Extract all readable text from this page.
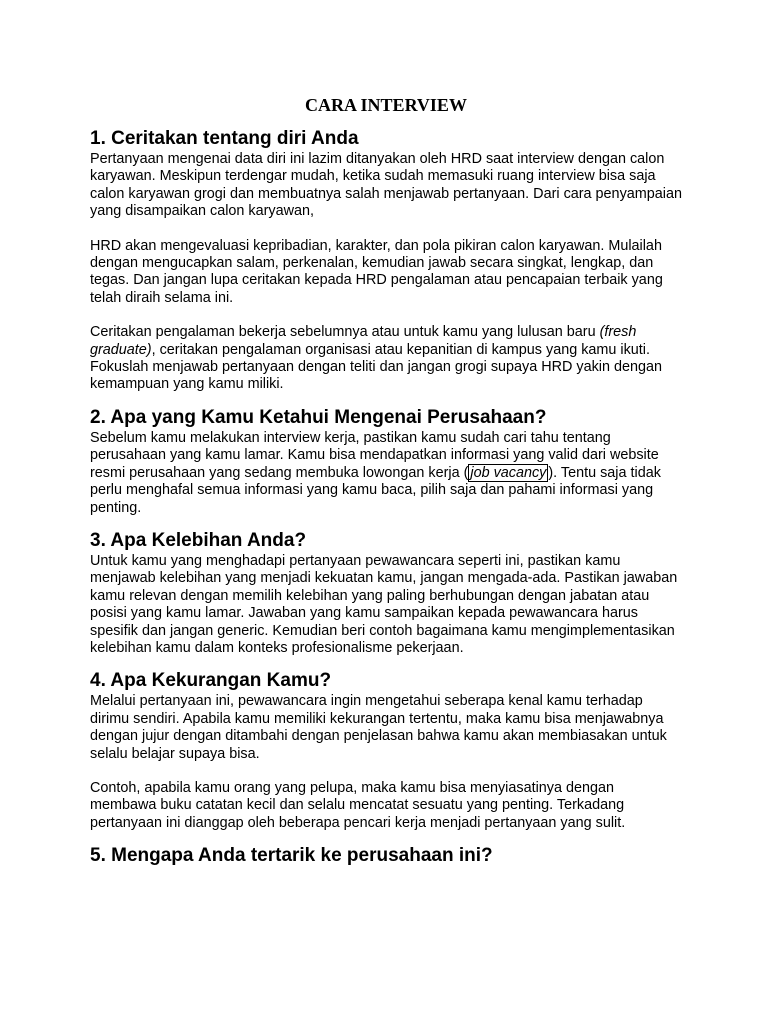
CARA INTERVIEW
1. Ceritakan tentang diri Anda

Pertanyaan mengenai data diri ini lazim ditanyakan oleh HRD saat interview dengan calon karyawan. Meskipun terdengar mudah, ketika sudah memasuki ruang interview bisa saja calon karyawan grogi dan membuatnya salah menjawab pertanyaan. Dari cara penyampaian yang disampaikan calon karyawan,

HRD akan mengevaluasi kepribadian, karakter, dan pola pikiran calon karyawan. Mulailah dengan mengucapkan salam, perkenalan, kemudian jawab secara singkat, lengkap, dan tegas. Dan jangan lupa ceritakan kepada HRD pengalaman atau pencapaian terbaik yang telah diraih selama ini.

Ceritakan pengalaman bekerja sebelumnya atau untuk kamu yang lulusan baru (fresh graduate), ceritakan pengalaman organisasi atau kepanitian di kampus yang kamu ikuti. Fokuslah menjawab pertanyaan dengan teliti dan jangan grogi supaya HRD yakin dengan kemampuan yang kamu miliki.

2. Apa yang Kamu Ketahui Mengenai Perusahaan?

Sebelum kamu melakukan interview kerja, pastikan kamu sudah cari tahu tentang perusahaan yang kamu lamar. Kamu bisa mendapatkan informasi yang valid dari website resmi perusahaan yang sedang membuka lowongan kerja ( job vacancy ). Tentu saja tidak perlu menghafal semua informasi yang kamu baca, pilih saja dan pahami informasi yang penting.

3. Apa Kelebihan Anda?

Untuk kamu yang menghadapi pertanyaan pewawancara seperti ini, pastikan kamu menjawab kelebihan yang menjadi kekuatan kamu, jangan mengada-ada. Pastikan jawaban kamu relevan dengan memilih kelebihan yang paling berhubungan dengan jabatan atau posisi yang kamu lamar. Jawaban yang kamu sampaikan kepada pewawancara harus spesifik dan jangan generic. Kemudian beri contoh bagaimana kamu mengimplementasikan kelebihan kamu dalam konteks profesionalisme pekerjaan.

4. Apa Kekurangan Kamu?

Melalui pertanyaan ini, pewawancara ingin mengetahui seberapa kenal kamu terhadap dirimu sendiri. Apabila kamu memiliki kekurangan tertentu, maka kamu bisa menjawabnya dengan jujur dengan ditambahi dengan penjelasan bahwa kamu akan membiasakan untuk selalu belajar supaya bisa.

Contoh, apabila kamu orang yang pelupa, maka kamu bisa menyiasatinya dengan membawa buku catatan kecil dan selalu mencatat sesuatu yang penting. Terkadang pertanyaan ini dianggap oleh beberapa pencari kerja menjadi pertanyaan yang sulit.

5. Mengapa Anda tertarik ke perusahaan ini?
